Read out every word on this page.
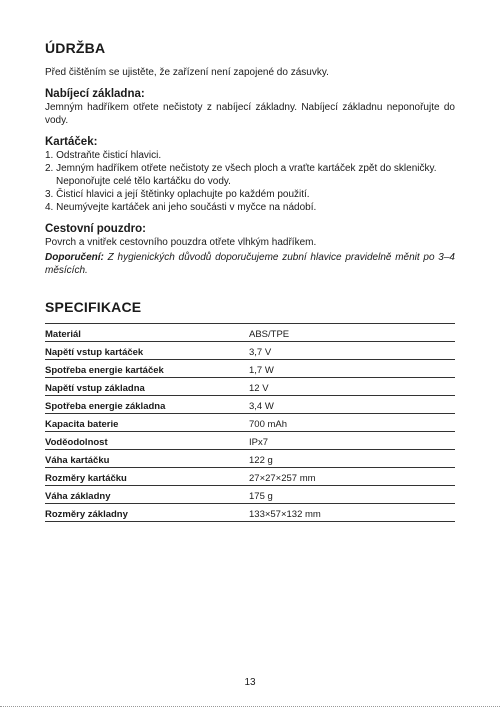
ÚDRŽBA

Před čištěním se ujistěte, že zařízení není zapojené do zásuvky.

Nabíjecí základna:

Jemným hadříkem otřete nečistoty z nabíjecí základny. Nabíjecí základnu neponořujte do vody.

Kartáček:
1. Odstraňte čisticí hlavici.
2. Jemným hadříkem otřete nečistoty ze všech ploch a vraťte kartáček zpět do skleničky. Neponořujte celé tělo kartáčku do vody.
3. Čisticí hlavici a její štětinky oplachujte po každém použití.
4. Neumývejte kartáček ani jeho součásti v myčce na nádobí.
Cestovní pouzdro:

Povrch a vnitřek cestovního pouzdra otřete vlhkým hadříkem.

Doporučení: Z hygienických důvodů doporučujeme zubní hlavice pravidelně měnit po 3–4 měsících.

SPECIFIKACE
Materiál	ABS/TPE
Napětí vstup kartáček	3,7 V
Spotřeba energie kartáček	1,7 W
Napětí vstup základna	12 V
Spotřeba energie základna	3,4 W
Kapacita baterie	700 mAh
Voděodolnost	IPx7
Váha kartáčku	122 g
Rozměry kartáčku	27×27×257 mm
Váha základny	175 g
Rozměry základny	133×57×132 mm
13
